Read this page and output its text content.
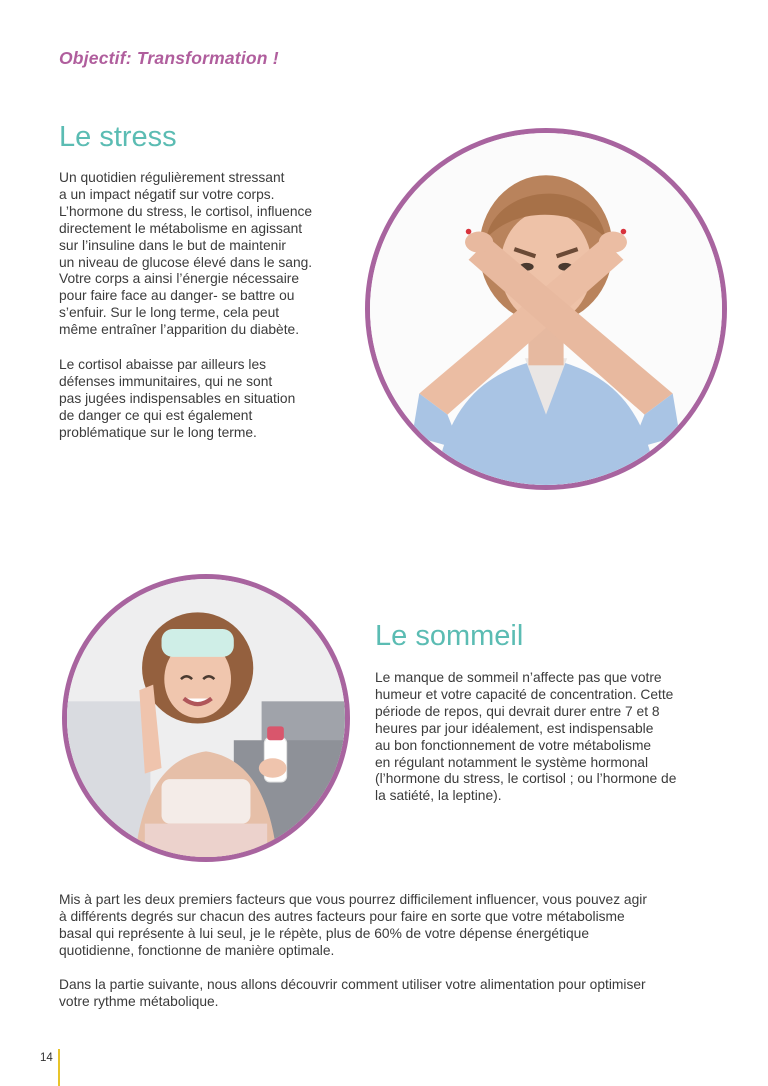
Objectif: Transformation !
Le stress
Un quotidien régulièrement stressant
a un impact négatif sur votre corps.
L’hormone du stress, le cortisol, influence
directement le métabolisme en agissant
sur l’insuline dans le but de maintenir
un niveau de glucose élevé dans le sang.
Votre corps a ainsi l’énergie nécessaire
pour faire face au danger- se battre ou
s’enfuir. Sur le long terme, cela peut
même entraîner l’apparition du diabète.
Le cortisol abaisse par ailleurs les
défenses immunitaires, qui ne sont
pas jugées indispensables en situation
de danger ce qui est également
problématique sur le long terme.
Le sommeil
Le manque de sommeil n’affecte pas que votre
humeur et votre capacité de concentration. Cette
période de repos, qui devrait durer entre 7 et 8
heures par jour idéalement, est indispensable
au bon fonctionnement de votre métabolisme
en régulant notamment le système hormonal
(l’hormone du stress, le cortisol ; ou l’hormone de
la satiété, la leptine).
Mis à part les deux premiers facteurs que vous pourrez difficilement influencer, vous pouvez agir
à différents degrés sur chacun des autres facteurs pour faire en sorte que votre métabolisme
basal qui représente à lui seul, je le répète, plus de 60% de votre dépense énergétique
quotidienne, fonctionne de manière optimale.
Dans la partie suivante, nous allons découvrir comment utiliser votre alimentation pour optimiser
votre rythme métabolique.
14
